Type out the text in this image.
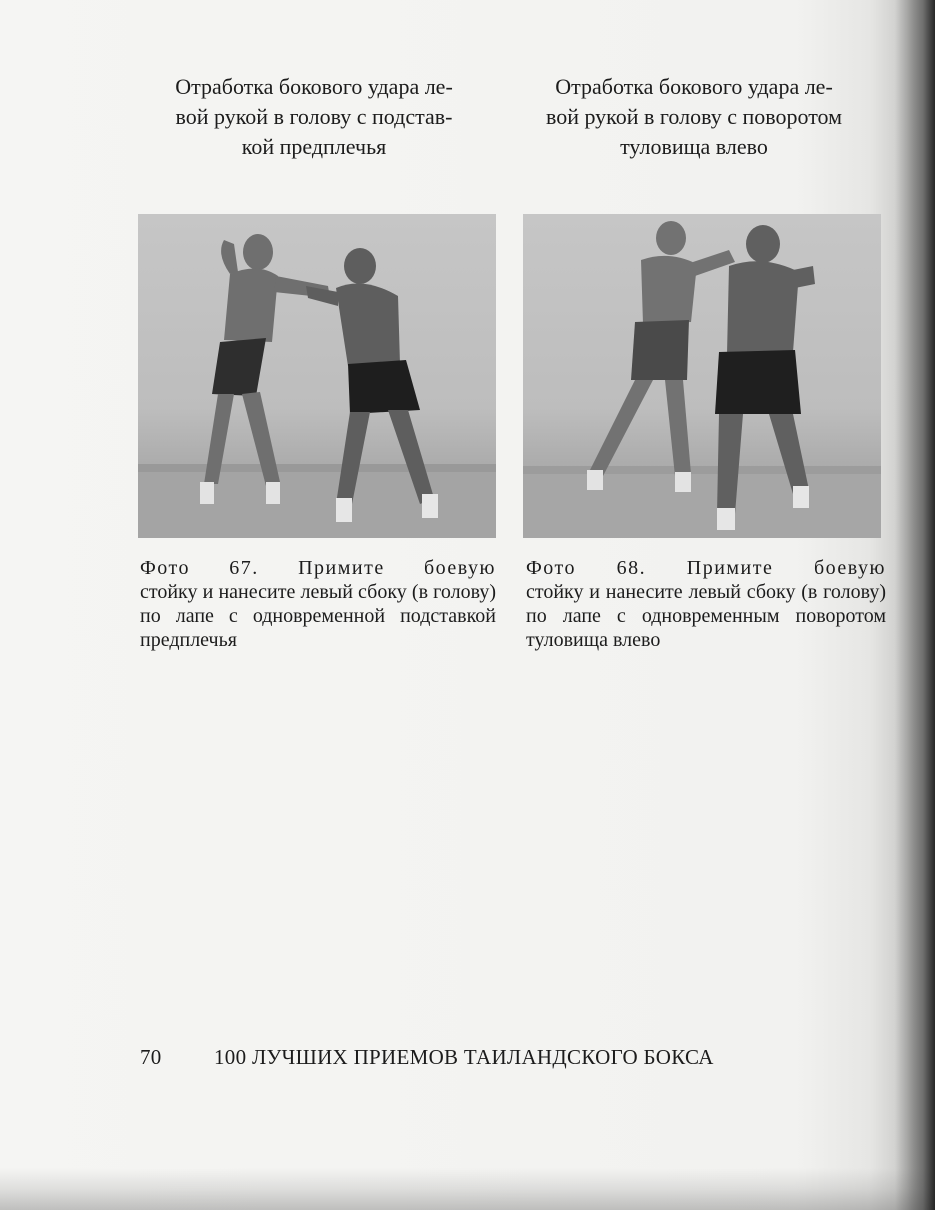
Отработка бокового удара ле-
вой рукой в голову с подстав-
кой предплечья
Отработка бокового удара ле-
вой рукой в голову с поворотом
туловища влево
Фото 67. Примите боевую
стойку и нанесите левый сбоку (в голову) по лапе с одновременной подставкой предплечья
Фото 68. Примите боевую
стойку и нанесите левый сбоку (в голову) по лапе с одновременным поворотом туловища влево
70 100 ЛУЧШИХ ПРИЕМОВ ТАИЛАНДСКОГО БОКСА
